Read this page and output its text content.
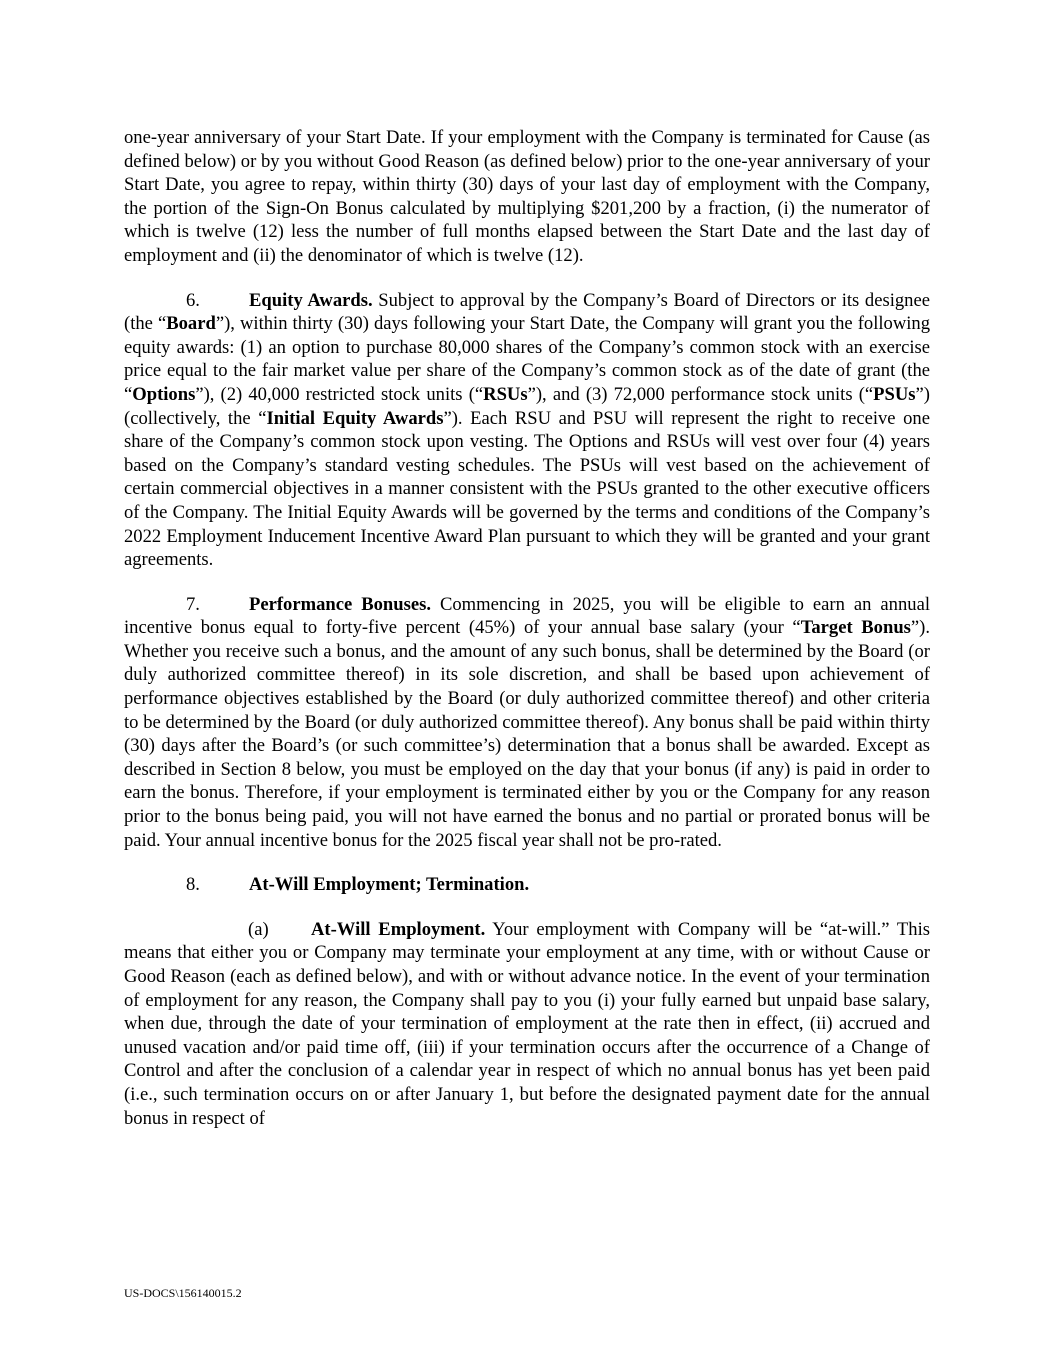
one-year anniversary of your Start Date. If your employment with the Company is terminated for Cause (as defined below) or by you without Good Reason (as defined below) prior to the one-year anniversary of your Start Date, you agree to repay, within thirty (30) days of your last day of employment with the Company, the portion of the Sign-On Bonus calculated by multiplying $201,200 by a fraction, (i) the numerator of which is twelve (12) less the number of full months elapsed between the Start Date and the last day of employment and (ii) the denominator of which is twelve (12).

6.	Equity Awards. Subject to approval by the Company’s Board of Directors or its designee (the “Board”), within thirty (30) days following your Start Date, the Company will grant you the following equity awards: (1) an option to purchase 80,000 shares of the Company’s common stock with an exercise price equal to the fair market value per share of the Company’s common stock as of the date of grant (the “Options”), (2) 40,000 restricted stock units (“RSUs”), and (3) 72,000 performance stock units (“PSUs”) (collectively, the “Initial Equity Awards”). Each RSU and PSU will represent the right to receive one share of the Company’s common stock upon vesting. The Options and RSUs will vest over four (4) years based on the Company’s standard vesting schedules. The PSUs will vest based on the achievement of certain commercial objectives in a manner consistent with the PSUs granted to the other executive officers of the Company. The Initial Equity Awards will be governed by the terms and conditions of the Company’s 2022 Employment Inducement Incentive Award Plan pursuant to which they will be granted and your grant agreements.

7.	Performance Bonuses. Commencing in 2025, you will be eligible to earn an annual incentive bonus equal to forty-five percent (45%) of your annual base salary (your “Target Bonus”). Whether you receive such a bonus, and the amount of any such bonus, shall be determined by the Board (or duly authorized committee thereof) in its sole discretion, and shall be based upon achievement of performance objectives established by the Board (or duly authorized committee thereof) and other criteria to be determined by the Board (or duly authorized committee thereof). Any bonus shall be paid within thirty (30) days after the Board’s (or such committee’s) determination that a bonus shall be awarded. Except as described in Section 8 below, you must be employed on the day that your bonus (if any) is paid in order to earn the bonus. Therefore, if your employment is terminated either by you or the Company for any reason prior to the bonus being paid, you will not have earned the bonus and no partial or prorated bonus will be paid. Your annual incentive bonus for the 2025 fiscal year shall not be pro-rated.

8.	At-Will Employment; Termination.

(a) At-Will Employment. Your employment with Company will be “at-will.” This means that either you or Company may terminate your employment at any time, with or without Cause or Good Reason (each as defined below), and with or without advance notice. In the event of your termination of employment for any reason, the Company shall pay to you (i) your fully earned but unpaid base salary, when due, through the date of your termination of employment at the rate then in effect, (ii) accrued and unused vacation and/or paid time off, (iii) if your termination occurs after the occurrence of a Change of Control and after the conclusion of a calendar year in respect of which no annual bonus has yet been paid (i.e., such termination occurs on or after January 1, but before the designated payment date for the annual bonus in respect of

US-DOCS\156140015.2
